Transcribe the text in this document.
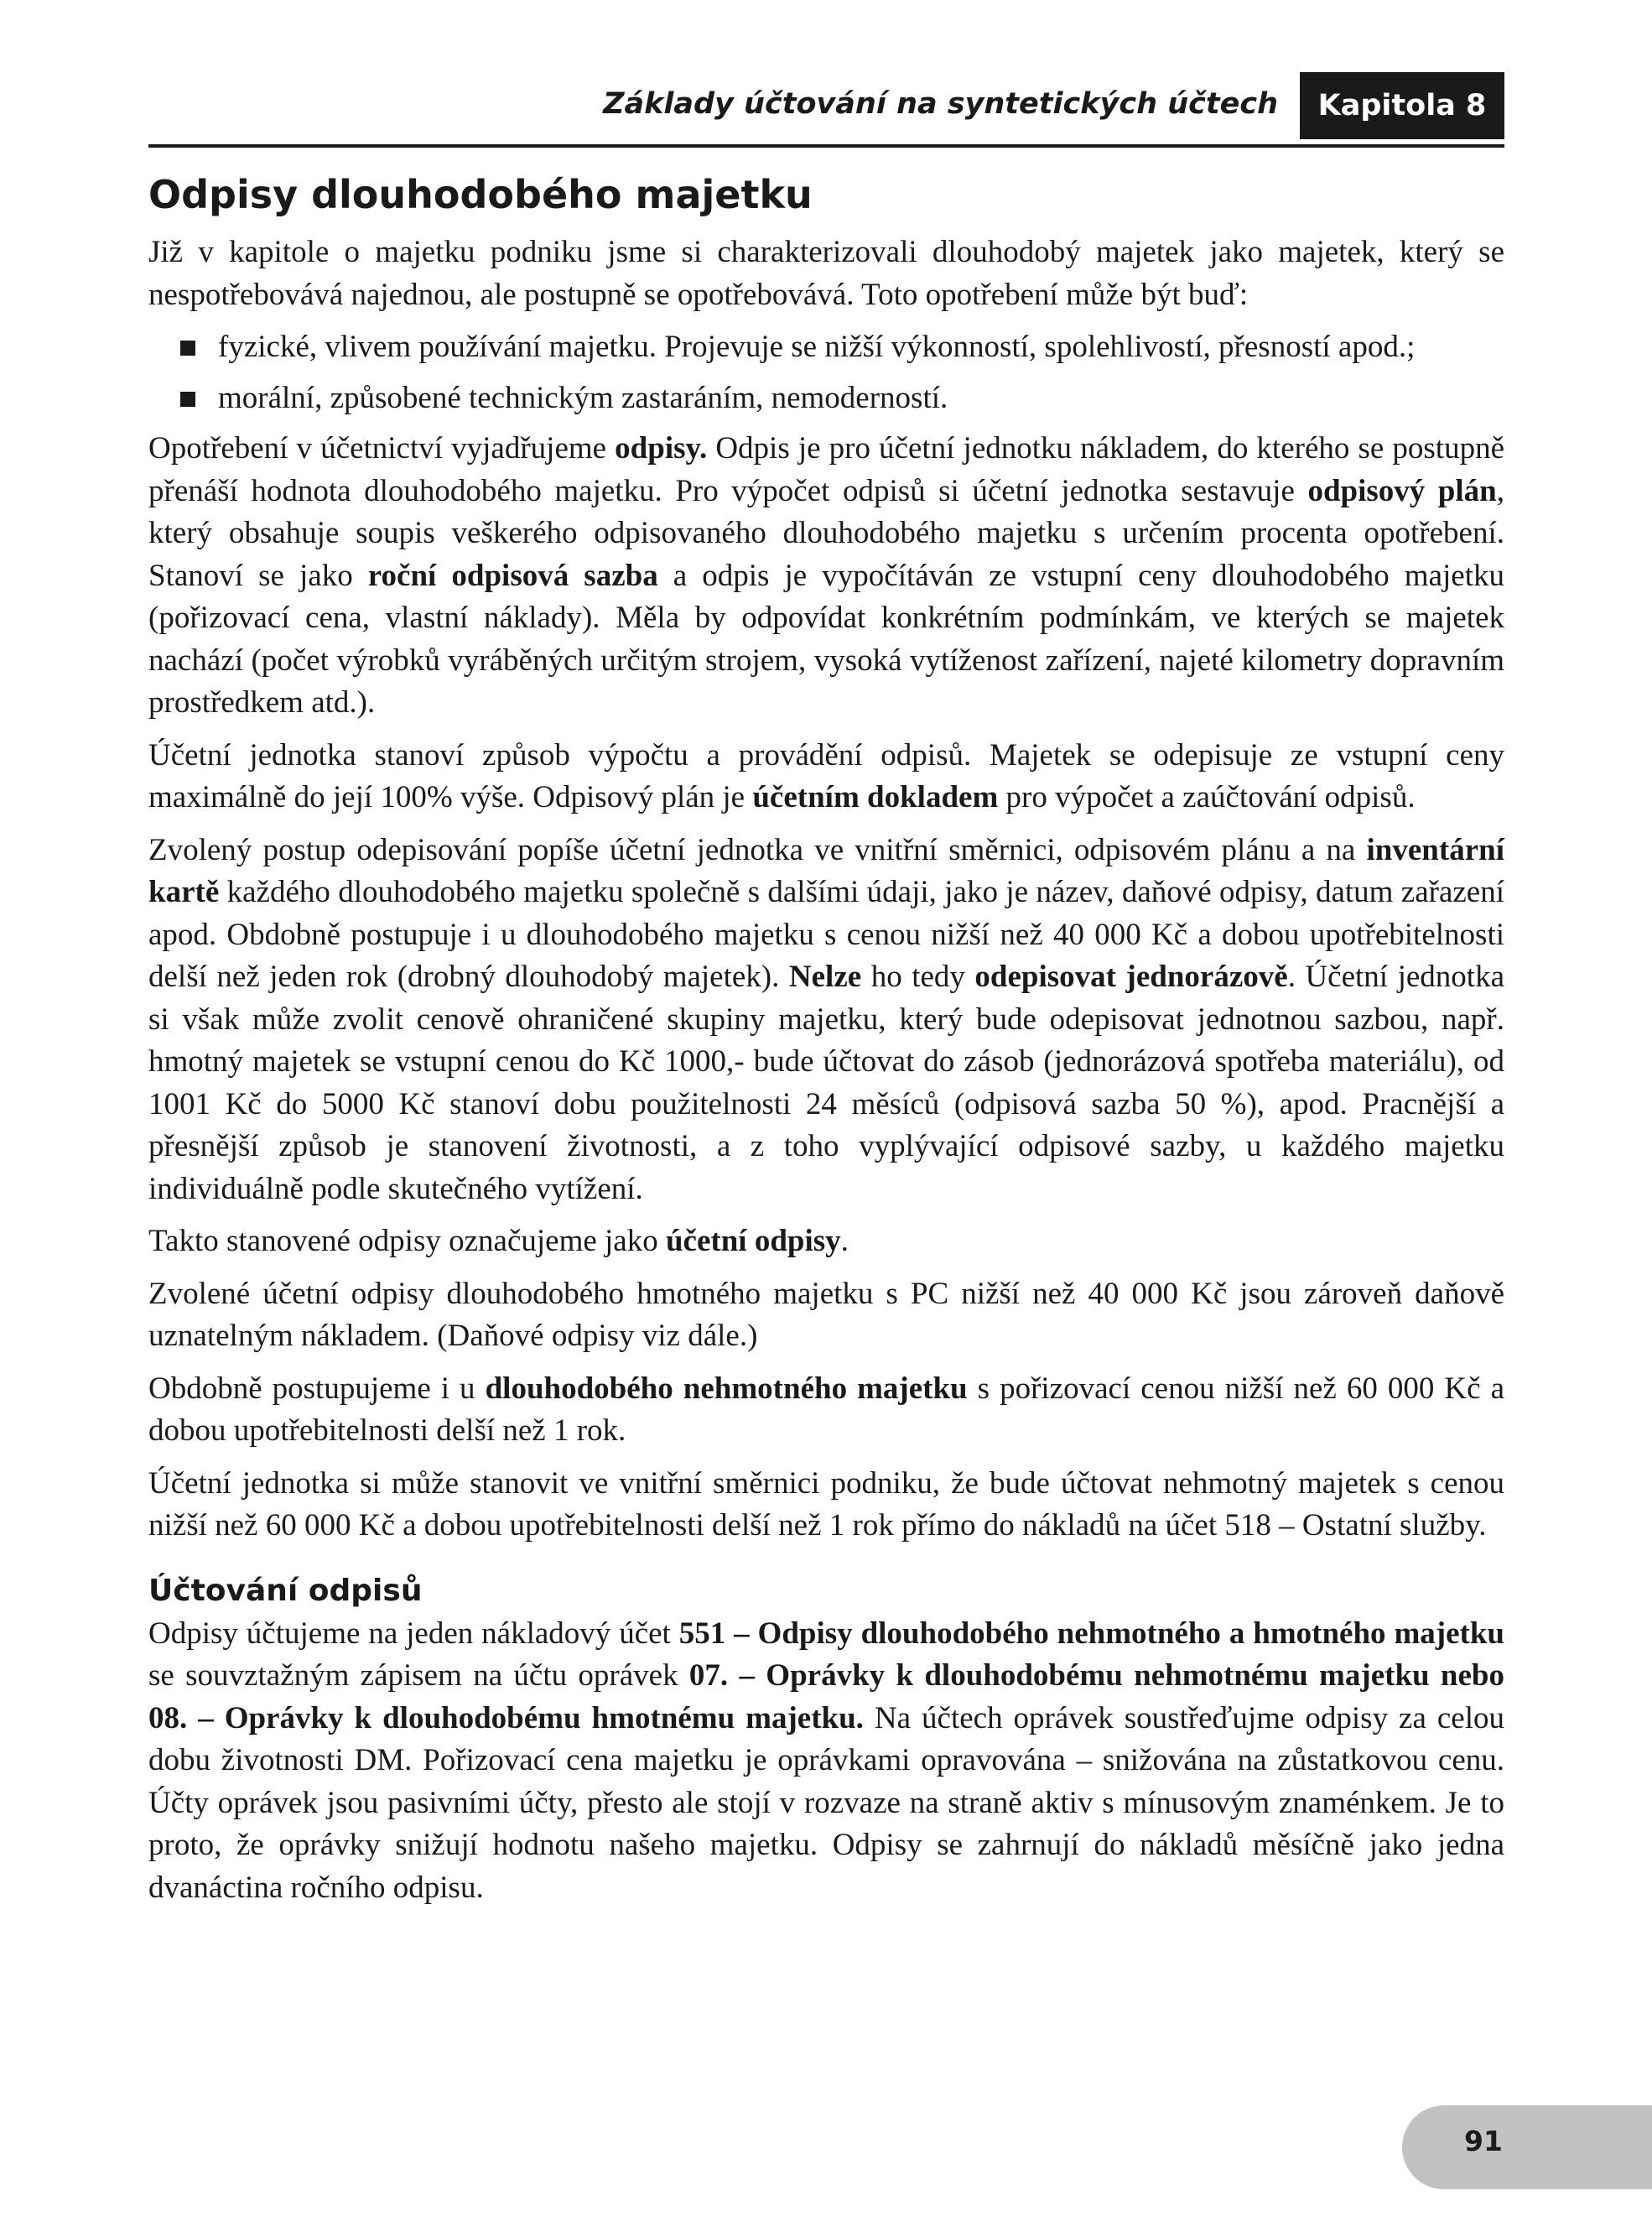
Základy účtování na syntetických účtech	Kapitola 8
Odpisy dlouhodobého majetku

Již v kapitole o majetku podniku jsme si charakterizovali dlouhodobý majetek jako majetek, který se nespotřebovává najednou, ale postupně se opotřebovává. Toto opotřebení může být buď:

fyzické, vlivem používání majetku. Projevuje se nižší výkonností, spolehlivostí, přesností apod.;
morální, způsobené technickým zastaráním, nemoderností.

Opotřebení v účetnictví vyjadřujeme odpisy. Odpis je pro účetní jednotku nákladem, do kterého se postupně přenáší hodnota dlouhodobého majetku. Pro výpočet odpisů si účetní jednotka sestavuje odpisový plán, který obsahuje soupis veškerého odpisovaného dlouhodobého majetku s určením procenta opotřebení. Stanoví se jako roční odpisová sazba a odpis je vypočítáván ze vstupní ceny dlouhodobého majetku (pořizovací cena, vlastní náklady). Měla by odpovídat konkrétním podmínkám, ve kterých se majetek nachází (počet výrobků vyráběných určitým strojem, vysoká vytíženost zařízení, najeté kilometry dopravním prostředkem atd.).

Účetní jednotka stanoví způsob výpočtu a provádění odpisů. Majetek se odepisuje ze vstupní ceny maximálně do její 100% výše. Odpisový plán je účetním dokladem pro výpočet a zaúčtování odpisů.

Zvolený postup odepisování popíše účetní jednotka ve vnitřní směrnici, odpisovém plánu a na inventární kartě každého dlouhodobého majetku společně s dalšími údaji, jako je název, daňové odpisy, datum zařazení apod. Obdobně postupuje i u dlouhodobého majetku s cenou nižší než 40 000 Kč a dobou upotřebitelnosti delší než jeden rok (drobný dlouhodobý majetek). Nelze ho tedy odepisovat jednorázově. Účetní jednotka si však může zvolit cenově ohraničené skupiny majetku, který bude odepisovat jednotnou sazbou, např. hmotný majetek se vstupní cenou do Kč 1000,- bude účtovat do zásob (jednorázová spotřeba materiálu), od 1001 Kč do 5000 Kč stanoví dobu použitelnosti 24 měsíců (odpisová sazba 50 %), apod. Pracnější a přesnější způsob je stanovení životnosti, a z toho vyplývající odpisové sazby, u každého majetku individuálně podle skutečného vytížení.

Takto stanovené odpisy označujeme jako účetní odpisy.

Zvolené účetní odpisy dlouhodobého hmotného majetku s PC nižší než 40 000 Kč jsou zároveň daňově uznatelným nákladem. (Daňové odpisy viz dále.)

Obdobně postupujeme i u dlouhodobého nehmotného majetku s pořizovací cenou nižší než 60 000 Kč a dobou upotřebitelnosti delší než 1 rok.

Účetní jednotka si může stanovit ve vnitřní směrnici podniku, že bude účtovat nehmotný majetek s cenou nižší než 60 000 Kč a dobou upotřebitelnosti delší než 1 rok přímo do nákladů na účet 518 – Ostatní služby.

Účtování odpisů

Odpisy účtujeme na jeden nákladový účet 551 – Odpisy dlouhodobého nehmotného a hmotného majetku se souvztažným zápisem na účtu oprávek 07. – Oprávky k dlouhodobému nehmotnému majetku nebo 08. – Oprávky k dlouhodobému hmotnému majetku. Na účtech oprávek soustřeďujme odpisy za celou dobu životnosti DM. Pořizovací cena majetku je oprávkami opravována – snižována na zůstatkovou cenu. Účty oprávek jsou pasivními účty, přesto ale stojí v rozvaze na straně aktiv s mínusovým znaménkem. Je to proto, že oprávky snižují hodnotu našeho majetku. Odpisy se zahrnují do nákladů měsíčně jako jedna dvanáctina ročního odpisu.

91
